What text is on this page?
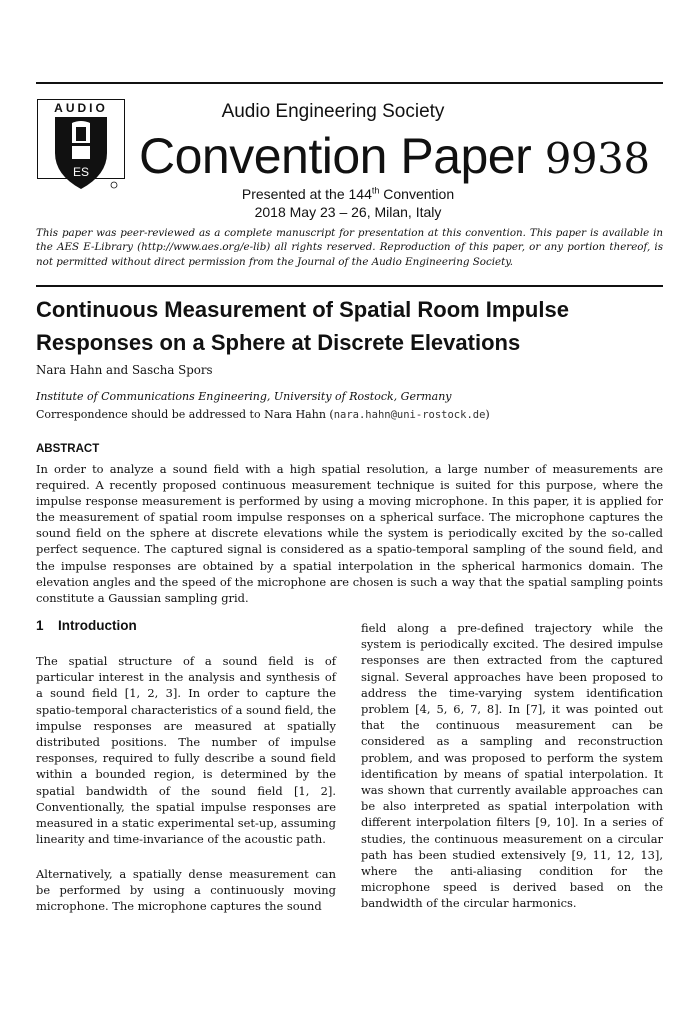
AUDIO
ES
Audio Engineering Society
Convention Paper 9938
Presented at the 144th Convention
2018 May 23 – 26, Milan, Italy
This paper was peer-reviewed as a complete manuscript for presentation at this convention. This paper is available in the AES E-Library (http://www.aes.org/e-lib) all rights reserved. Reproduction of this paper, or any portion thereof, is not permitted without direct permission from the Journal of the Audio Engineering Society.
Continuous Measurement of Spatial Room Impulse Responses on a Sphere at Discrete Elevations
Nara Hahn and Sascha Spors
Institute of Communications Engineering, University of Rostock, Germany
Correspondence should be addressed to Nara Hahn (nara.hahn@uni-rostock.de)
ABSTRACT
In order to analyze a sound field with a high spatial resolution, a large number of measurements are required. A recently proposed continuous measurement technique is suited for this purpose, where the impulse response measurement is performed by using a moving microphone. In this paper, it is applied for the measurement of spatial room impulse responses on a spherical surface. The microphone captures the sound field on the sphere at discrete elevations while the system is periodically excited by the so-called perfect sequence. The captured signal is considered as a spatio-temporal sampling of the sound field, and the impulse responses are obtained by a spatial interpolation in the spherical harmonics domain. The elevation angles and the speed of the microphone are chosen is such a way that the spatial sampling points constitute a Gaussian sampling grid.
1 Introduction

The spatial structure of a sound field is of particular interest in the analysis and synthesis of a sound field [1, 2, 3]. In order to capture the spatio-temporal characteristics of a sound field, the impulse responses are measured at spatially distributed positions. The number of impulse responses, required to fully describe a sound field within a bounded region, is determined by the spatial bandwidth of the sound field [1, 2]. Conventionally, the spatial impulse responses are measured in a static experimental set-up, assuming linearity and time-invariance of the acoustic path.

Alternatively, a spatially dense measurement can be performed by using a continuously moving microphone. The microphone captures the sound

field along a pre-defined trajectory while the system is periodically excited. The desired impulse responses are then extracted from the captured signal. Several approaches have been proposed to address the time-varying system identification problem [4, 5, 6, 7, 8]. In [7], it was pointed out that the continuous measurement can be considered as a sampling and reconstruction problem, and was proposed to perform the system identification by means of spatial interpolation. It was shown that currently available approaches can be also interpreted as spatial interpolation with different interpolation filters [9, 10]. In a series of studies, the continuous measurement on a circular path has been studied extensively [9, 11, 12, 13], where the anti-aliasing condition for the microphone speed is derived based on the bandwidth of the circular harmonics.
